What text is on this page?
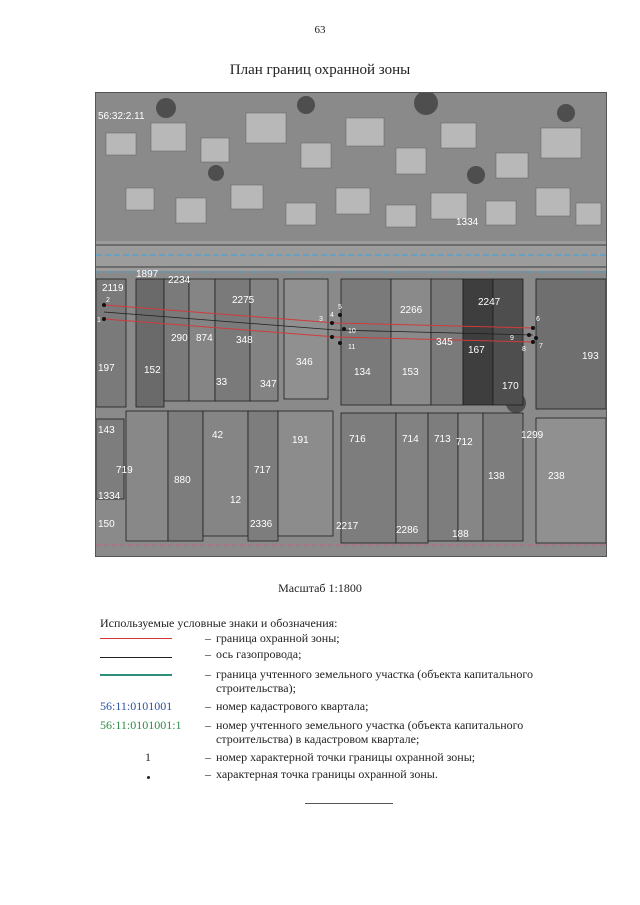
63
План границ охранной зоны
2
1	3
4
5
6
7
8
9
10
11
56:32:2.11
1334
1897
2234
2119
2275
2266
2247
290 874 348
346
345
167
152
197
33	347
134	153
170
193
143	42	191	716	714 713 712
1299
719
880
717
138	238
1334	12
2336	2217	2286	188
150
Масштаб 1:1800
Используемые условные знаки и обозначения:
– граница охранной зоны;
– ось газопровода;
– граница учтенного земельного участка (объекта капитального строительства);
56:11:0101001	– номер кадастрового квартала;
56:11:0101001:1	– номер учтенного земельного участка (объекта капитального строительства) в кадастровом квартале;
1	– номер характерной точки границы охранной зоны;
– характерная точка границы охранной зоны.
